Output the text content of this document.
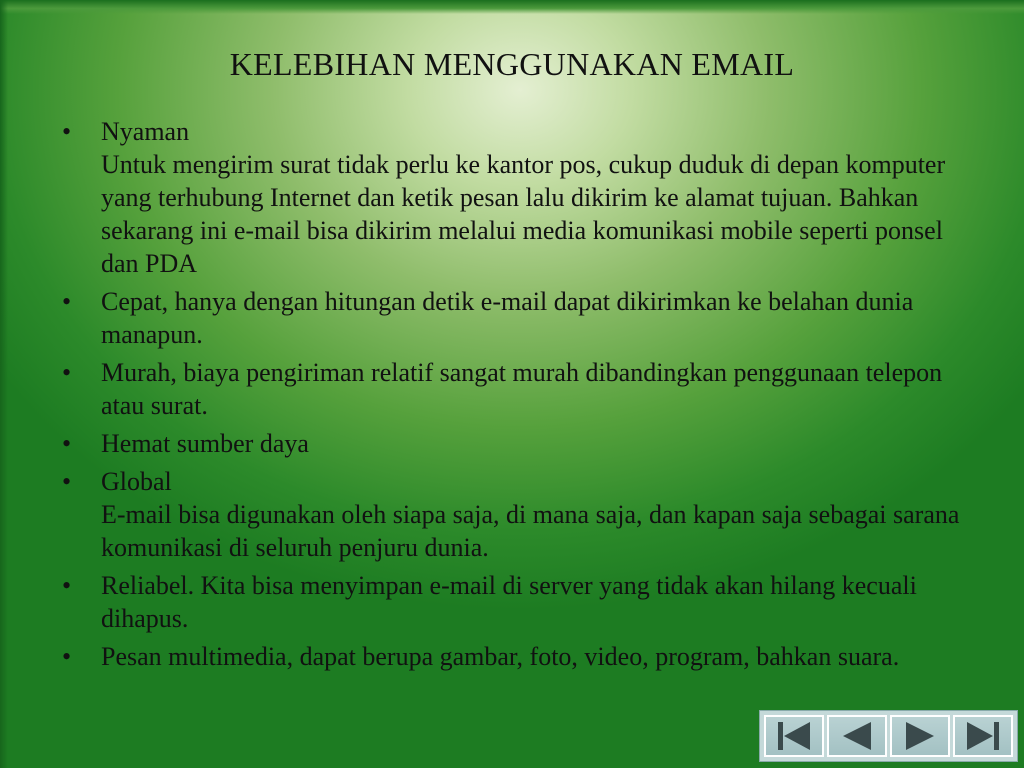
KELEBIHAN MENGGUNAKAN EMAIL
•	Nyaman
Untuk mengirim surat tidak perlu ke kantor pos, cukup duduk di depan komputer yang terhubung Internet dan ketik pesan lalu dikirim ke alamat tujuan. Bahkan sekarang ini e-mail bisa dikirim melalui media komunikasi mobile seperti ponsel dan PDA
•	Cepat, hanya dengan hitungan detik e-mail dapat dikirimkan ke belahan dunia manapun.
•	Murah, biaya pengiriman relatif sangat murah dibandingkan penggunaan telepon atau surat.
•	Hemat sumber daya
•	Global
E-mail bisa digunakan oleh siapa saja, di mana saja, dan kapan saja sebagai sarana komunikasi di seluruh penjuru dunia.
•	Reliabel. Kita bisa menyimpan e-mail di server yang tidak akan hilang kecuali dihapus.
•	Pesan multimedia, dapat berupa gambar, foto, video, program, bahkan suara.
